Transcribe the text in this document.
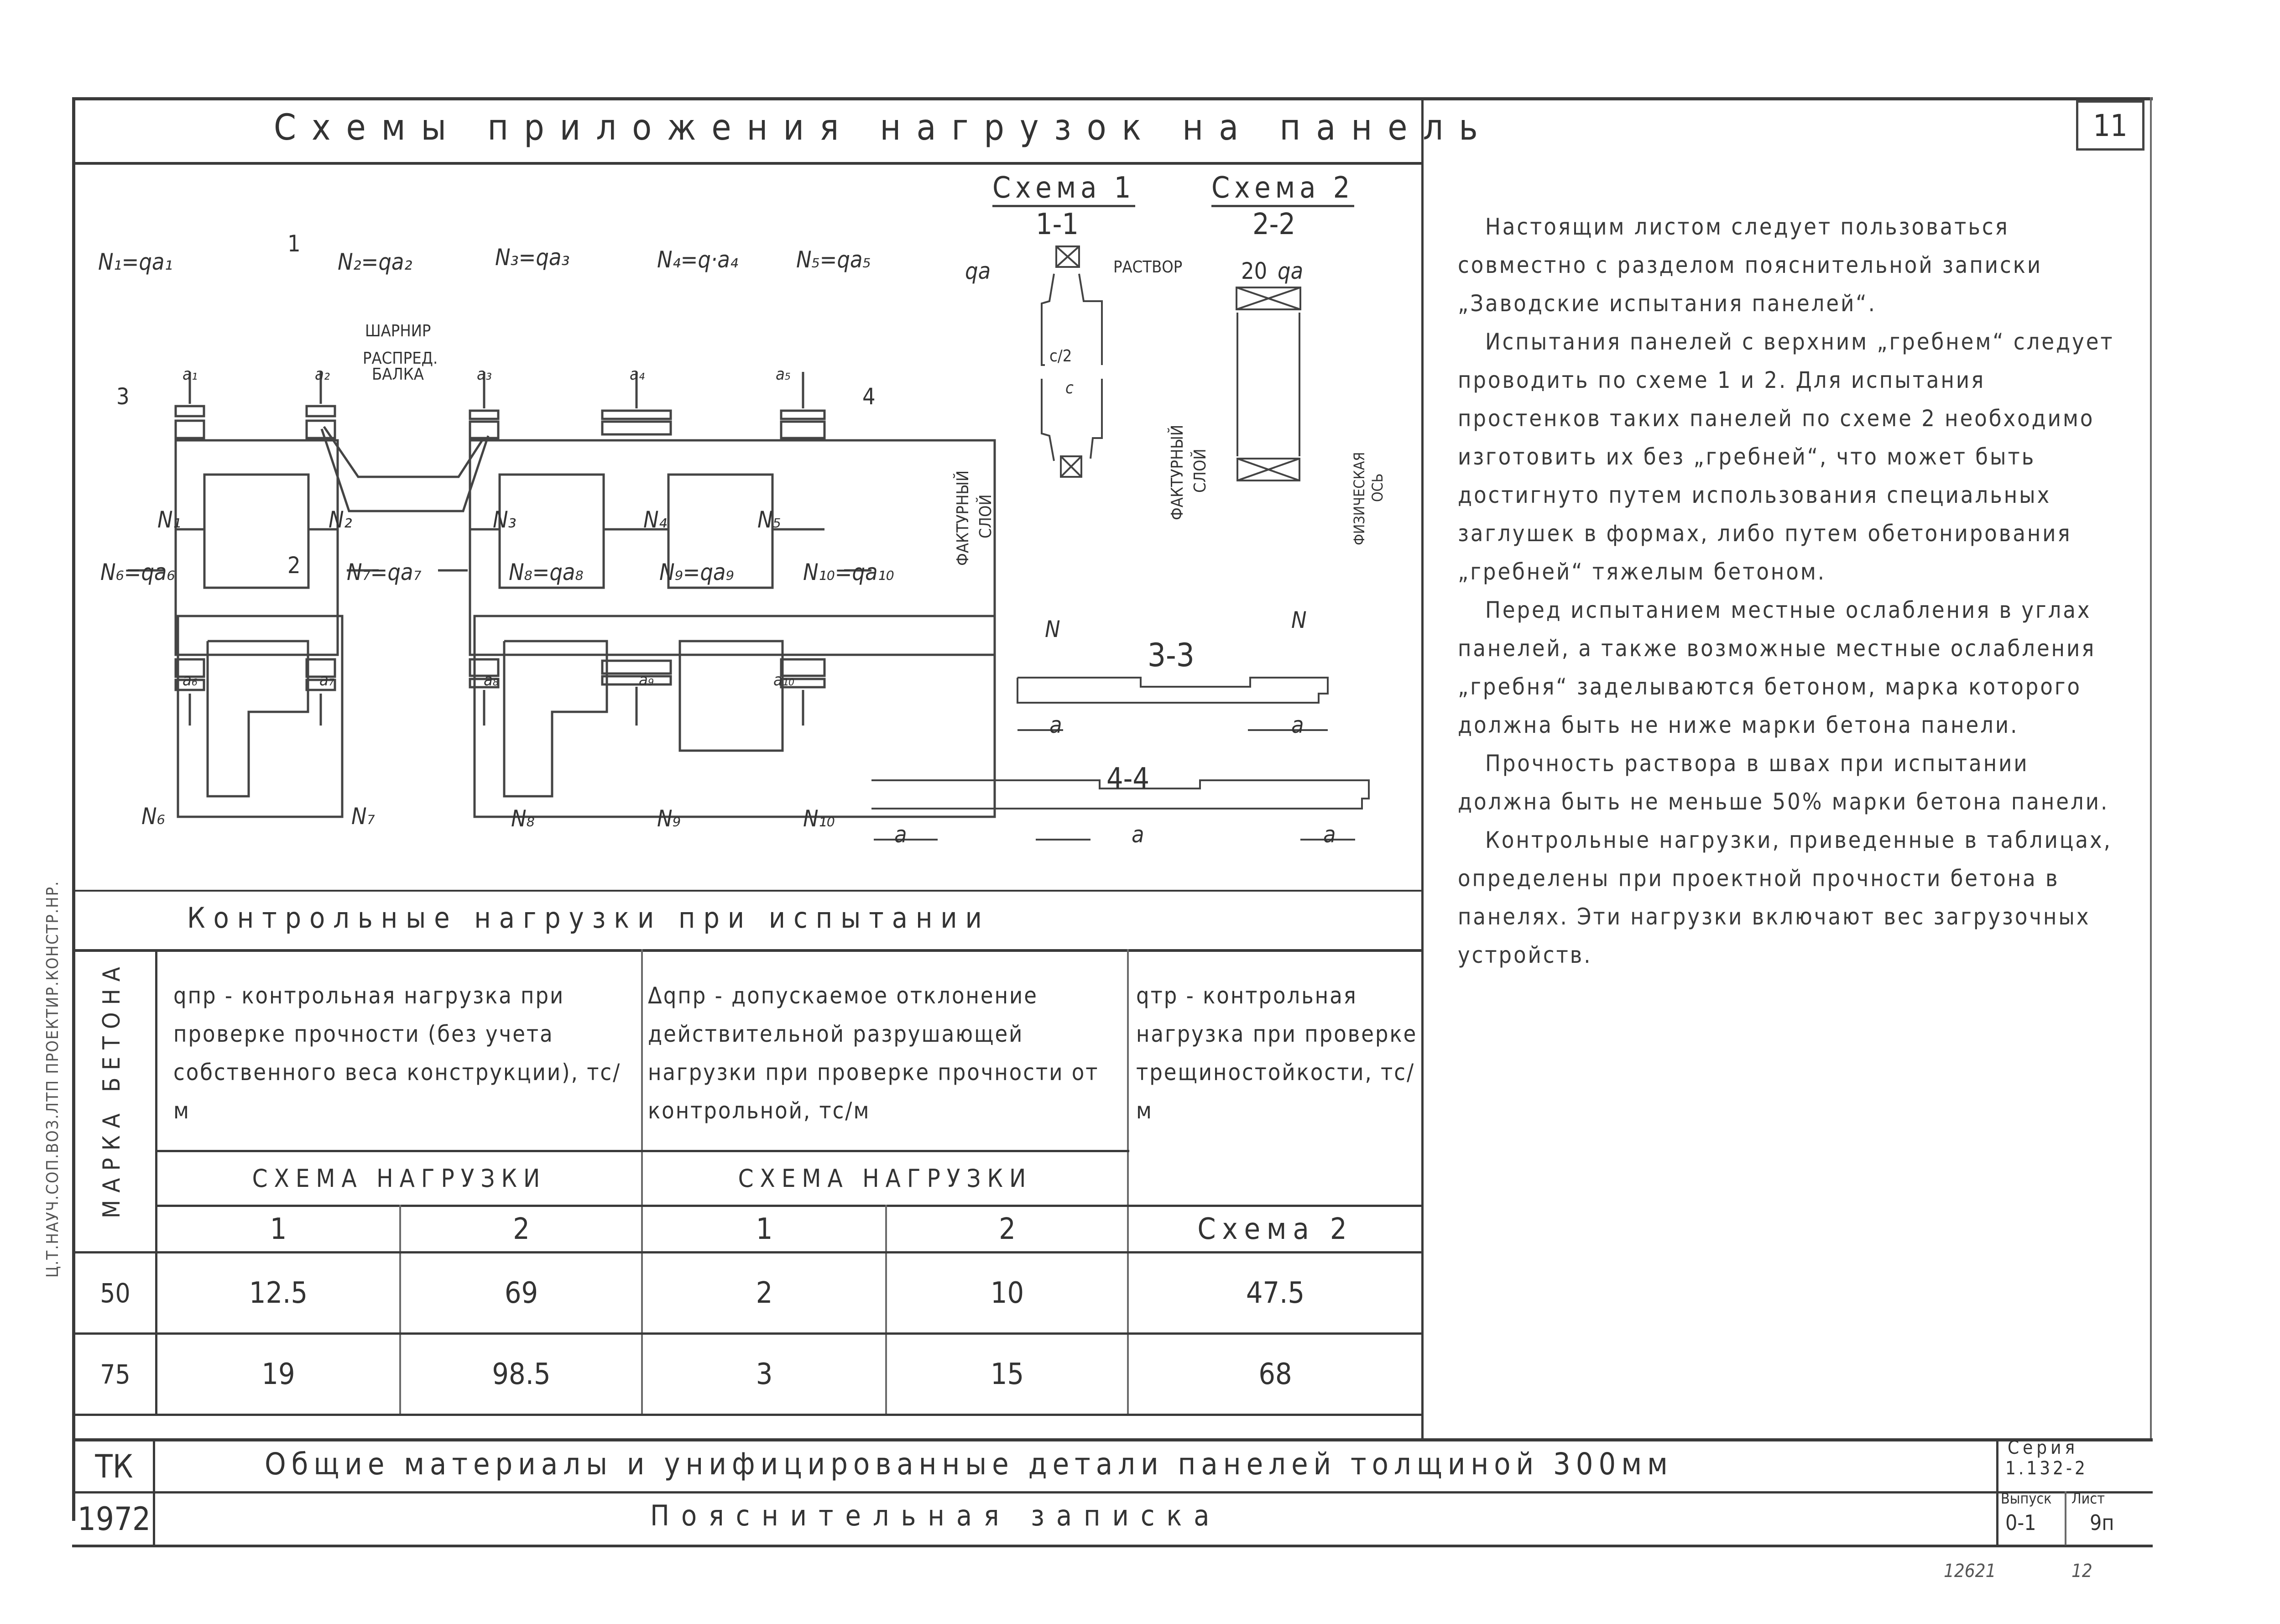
11
Ц.Т.НАУЧ.СОП.ВОЗ.ЛТП ПРОЕКТИР.КОНСТР.НР.
Схемы приложения нагрузок на панель
N₁=qa₁	N₂=qa₂	N₃=qa₃	N₄=q·a₄	N₅=qa₅
N₁	N₂	N₃	N₄	N₅
a₁	a₂	a₃	a₄	a₅
ШАРНИР
РАСПРЕД.
БАЛКА
N₆=qa₆	N₇=qa₇	N₈=qa₈	N₉=qa₉	N₁₀=qa₁₀
N₆	N₇	N₈	N₉	N₁₀
a₆	a₇	a₈	a₉	a₁₀
3	4
1
2
Схема 1
1-1
Схема 2
2-2
qa	РАСТВОР	20 qa
c/2
c
ФАКТУРНЫЙ СЛОЙ	ФАКТУРНЫЙ СЛОЙ	ФИЗИЧЕСКАЯ ОСЬ
N	N
3-3
4-4
a	a
a	a	a

Настоящим листом следует пользоваться совместно с разделом пояснительной записки „Заводские испытания панелей“.

Испытания панелей с верхним „гребнем“ следует проводить по схеме 1 и 2. Для испытания простенков таких панелей по схеме 2 необходимо изготовить их без „гребней“, что может быть достигнуто путем использования специальных заглушек в формах, либо путем обетонирования „гребней“ тяжелым бетоном.

Перед испытанием местные ослабления в углах панелей, а также возможные местные ослабления „гребня“ заделываются бетоном, марка которого должна быть не ниже марки бетона панели.

Прочность раствора в швах при испытании должна быть не меньше 50% марки бетона панели.

Контрольные нагрузки, приведенные в таблицах, определены при проектной прочности бетона в панелях. Эти нагрузки включают вес загрузочных устройств.

Контрольные нагрузки при испытании
МАРКА БЕТОНА qпр - контрольная нагрузка при проверке прочности (без учета собственного веса конструкции), тс/м
Δqпр - допускаемое отклонение действительной разрушающей нагрузки при проверке прочности от контрольной, тс/м
qтр - контрольная нагрузка при проверке трещиностойкости, тс/м
СХЕМА НАГРУЗКИ	СХЕМА НАГРУЗКИ
1	2	1	2	Схема 2
50	12.5	69	2	10	47.5
75	19	98.5	3	15	68
ТК
1972
Общие материалы и унифицированные детали панелей толщиной 300мм
Пояснительная записка
Серия
1.132-2
Выпуск
0-1
Лист
9п
12621	12
